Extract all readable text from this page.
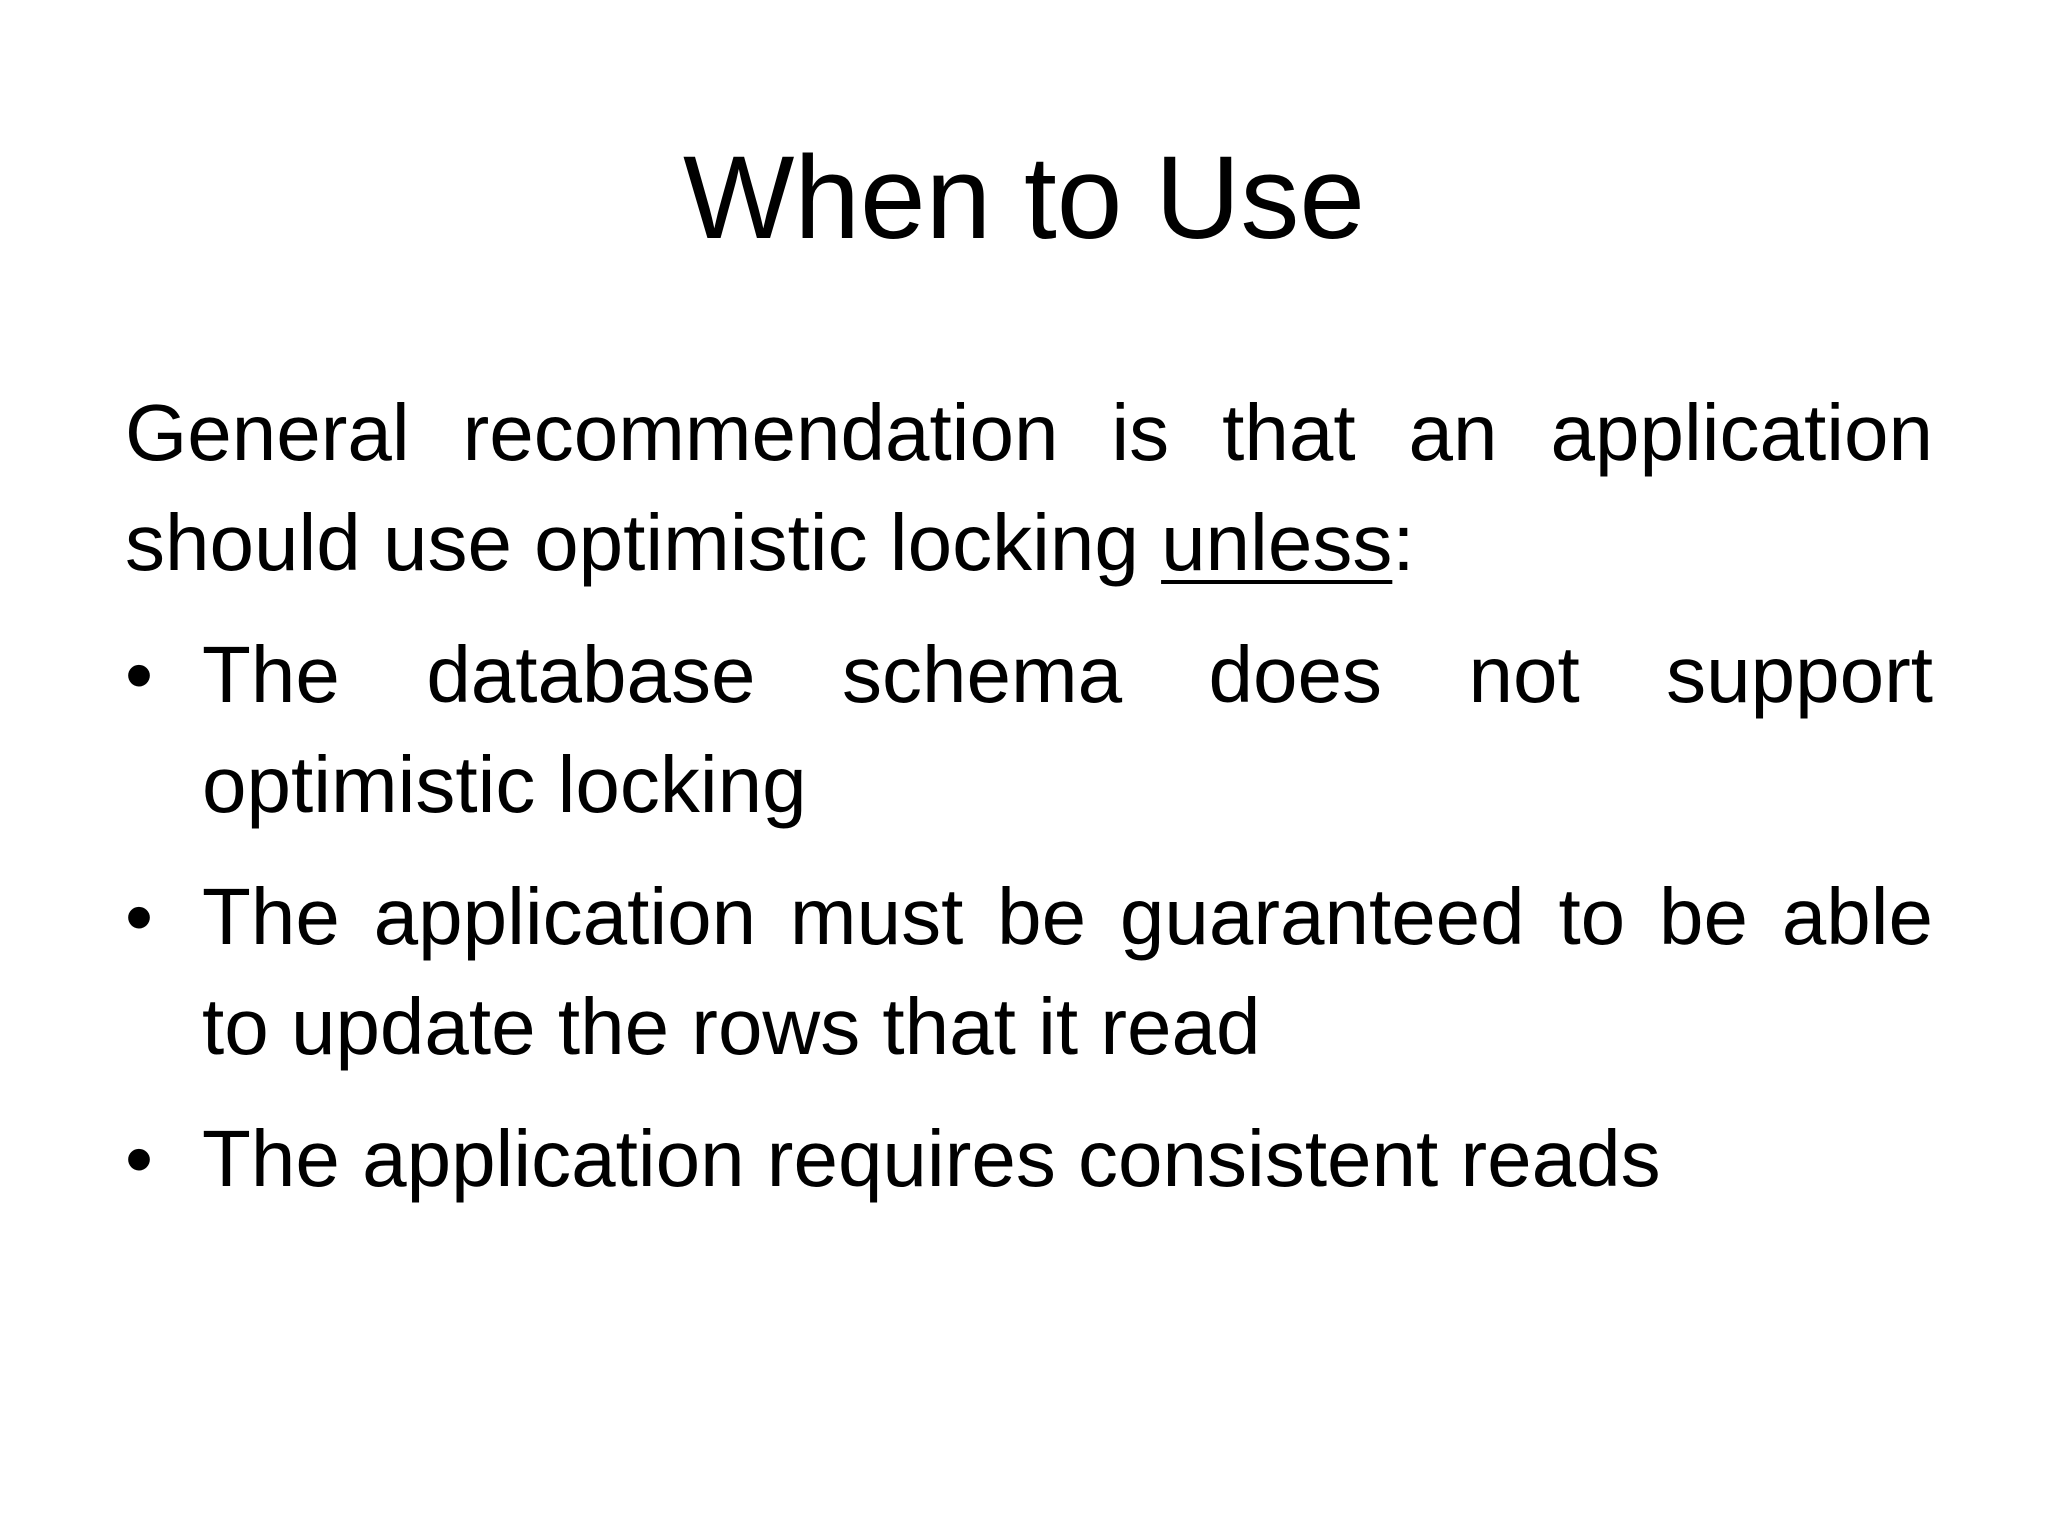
When to Use

General recommendation is that an application should use optimistic locking unless:

• The database schema does not support optimistic locking
• The application must be guaranteed to be able to update the rows that it read
• The application requires consistent reads
